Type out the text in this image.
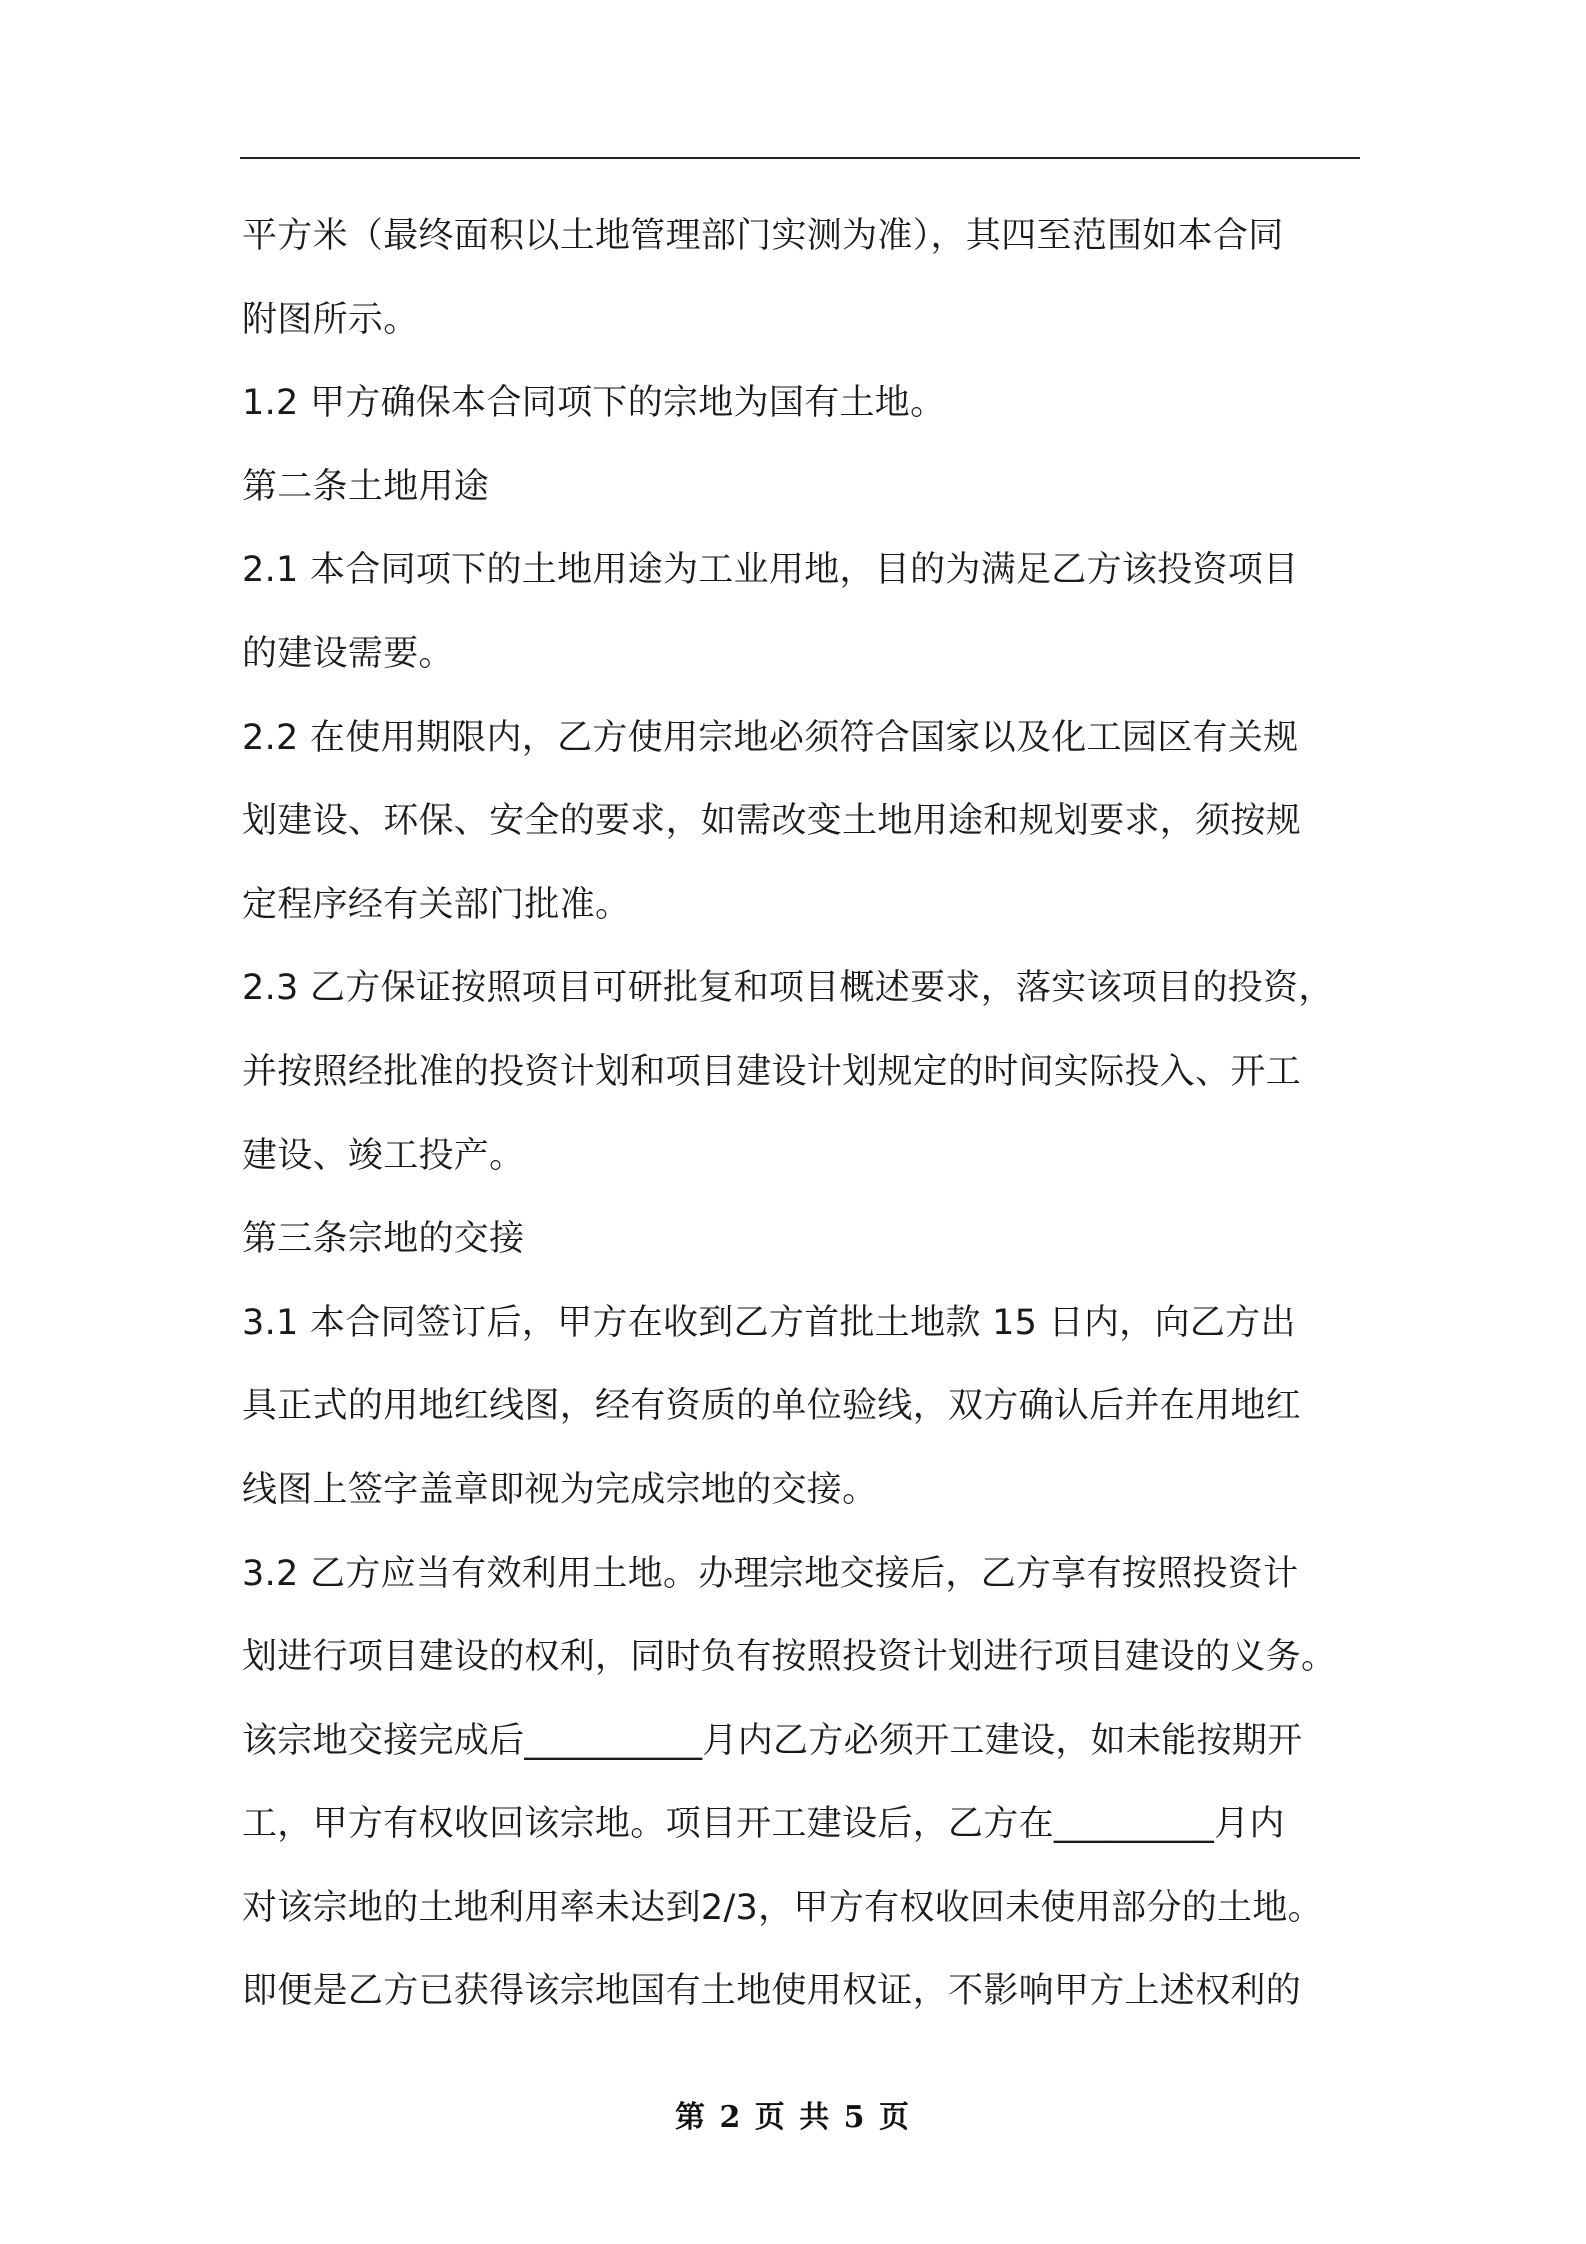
平方米（最终面积以土地管理部门实测为准），其四至范围如本合同
附图所示。
1.2 甲方确保本合同项下的宗地为国有土地。
第二条土地用途
2.1 本合同项下的土地用途为工业用地，目的为满足乙方该投资项目
的建设需要。
2.2 在使用期限内，乙方使用宗地必须符合国家以及化工园区有关规
划建设、环保、安全的要求，如需改变土地用途和规划要求，须按规
定程序经有关部门批准。
2.3 乙方保证按照项目可研批复和项目概述要求，落实该项目的投资，
并按照经批准的投资计划和项目建设计划规定的时间实际投入、开工
建设、竣工投产。
第三条宗地的交接
3.1 本合同签订后，甲方在收到乙方首批土地款 15 日内，向乙方出
具正式的用地红线图，经有资质的单位验线，双方确认后并在用地红
线图上签字盖章即视为完成宗地的交接。
3.2 乙方应当有效利用土地。办理宗地交接后，乙方享有按照投资计
划进行项目建设的权利，同时负有按照投资计划进行项目建设的义务。
该宗地交接完成后__________月内乙方必须开工建设，如未能按期开
工，甲方有权收回该宗地。项目开工建设后，乙方在_________月内
对该宗地的土地利用率未达到2/3，甲方有权收回未使用部分的土地。
即便是乙方已获得该宗地国有土地使用权证，不影响甲方上述权利的
第 2 页 共 5 页
